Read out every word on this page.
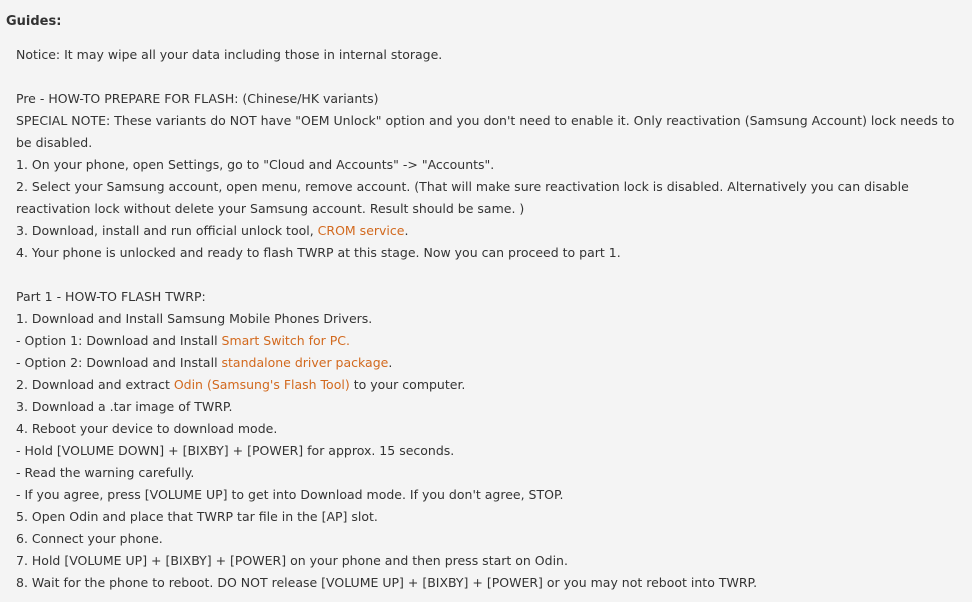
Guides:

Notice: It may wipe all your data including those in internal storage.

Pre - HOW-TO PREPARE FOR FLASH: (Chinese/HK variants)

SPECIAL NOTE: These variants do NOT have "OEM Unlock" option and you don't need to enable it. Only reactivation (Samsung Account) lock needs to be disabled.

1. On your phone, open Settings, go to "Cloud and Accounts" -> "Accounts".

2. Select your Samsung account, open menu, remove account. (That will make sure reactivation lock is disabled. Alternatively you can disable reactivation lock without delete your Samsung account. Result should be same. )

3. Download, install and run official unlock tool, CROM service.

4. Your phone is unlocked and ready to flash TWRP at this stage. Now you can proceed to part 1.

Part 1 - HOW-TO FLASH TWRP:

1. Download and Install Samsung Mobile Phones Drivers.

- Option 1: Download and Install Smart Switch for PC.

- Option 2: Download and Install standalone driver package.

2. Download and extract Odin (Samsung's Flash Tool) to your computer.

3. Download a .tar image of TWRP.

4. Reboot your device to download mode.

- Hold [VOLUME DOWN] + [BIXBY] + [POWER] for approx. 15 seconds.

- Read the warning carefully.

- If you agree, press [VOLUME UP] to get into Download mode. If you don't agree, STOP.

5. Open Odin and place that TWRP tar file in the [AP] slot.

6. Connect your phone.

7. Hold [VOLUME UP] + [BIXBY] + [POWER] on your phone and then press start on Odin.

8. Wait for the phone to reboot. DO NOT release [VOLUME UP] + [BIXBY] + [POWER] or you may not reboot into TWRP.
